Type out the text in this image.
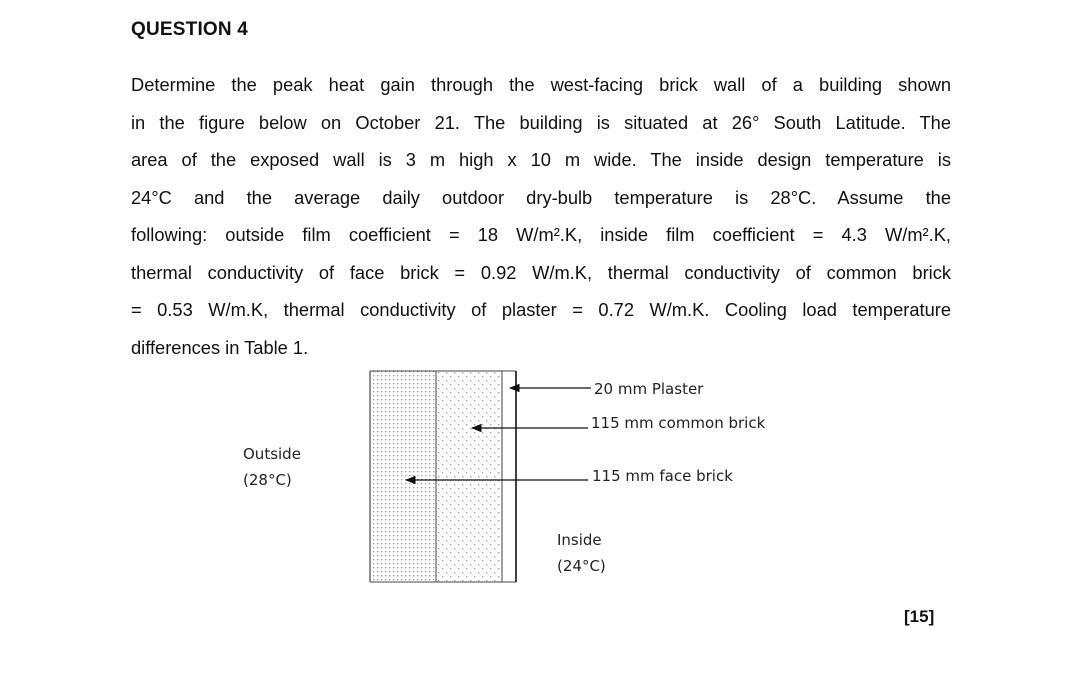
QUESTION 4
Determine the peak heat gain through the west-facing brick wall of a building shown
in the figure below on October 21. The building is situated at 26° South Latitude. The
area of the exposed wall is 3 m high x 10 m wide. The inside design temperature is
24°C and the average daily outdoor dry-bulb temperature is 28°C. Assume the
following: outside film coefficient = 18 W/m².K, inside film coefficient = 4.3 W/m².K,
thermal conductivity of face brick = 0.92 W/m.K, thermal conductivity of common brick
= 0.53 W/m.K, thermal conductivity of plaster = 0.72 W/m.K. Cooling load temperature
differences in Table 1.
20 mm Plaster
115 mm common brick
115 mm face brick
Outside
(28°C)
Inside
(24°C)
[15]
